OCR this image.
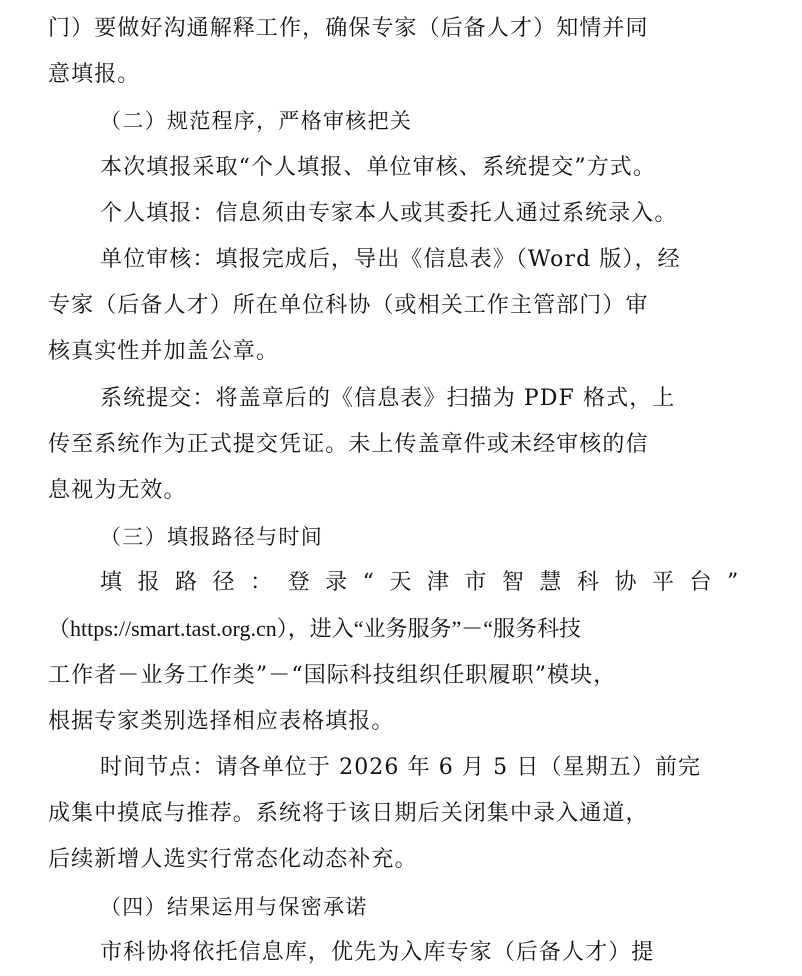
门）要做好沟通解释工作，确保专家（后备人才）知情并同
意填报。
（二）规范程序，严格审核把关
本次填报采取“个人填报、单位审核、系统提交”方式。
个人填报：信息须由专家本人或其委托人通过系统录入。
单位审核：填报完成后，导出《信息表》（Word 版），经
专家（后备人才）所在单位科协（或相关工作主管部门）审
核真实性并加盖公章。
系统提交：将盖章后的《信息表》扫描为 PDF 格式，上
传至系统作为正式提交凭证。未上传盖章件或未经审核的信
息视为无效。
（三）填报路径与时间
填 报 路 径 ： 登 录 “ 天 津 市 智 慧 科 协 平 台 ”
（https://smart.tast.org.cn），进入“业务服务”－“服务科技
工作者－业务工作类”－“国际科技组织任职履职”模块，
根据专家类别选择相应表格填报。
时间节点：请各单位于 2026 年 6 月 5 日（星期五）前完
成集中摸底与推荐。系统将于该日期后关闭集中录入通道，
后续新增人选实行常态化动态补充。
（四）结果运用与保密承诺
市科协将依托信息库，优先为入库专家（后备人才）提
